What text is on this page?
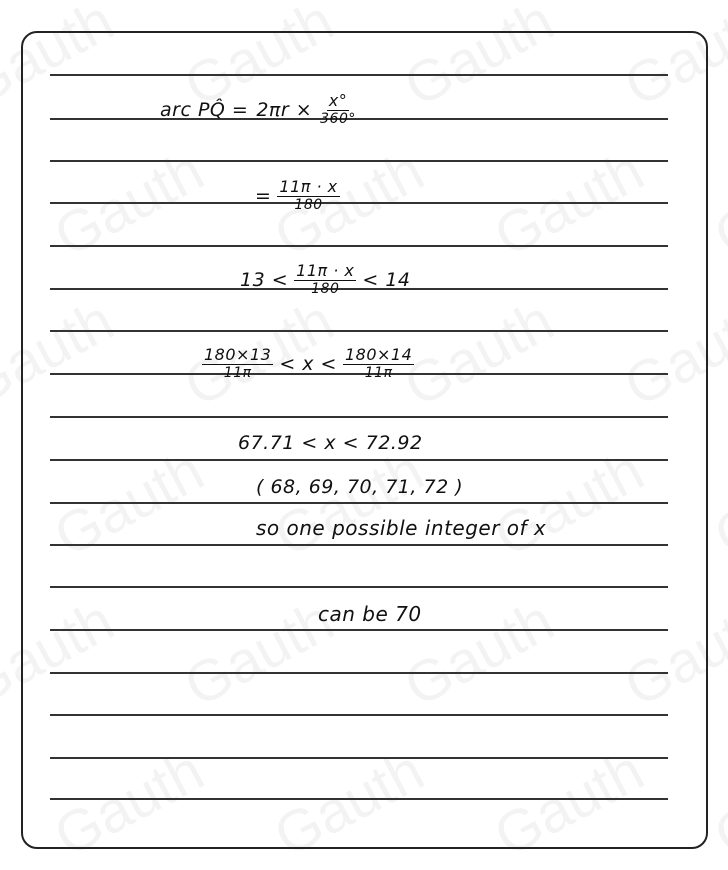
arc PQ̂ = $2\pi r \times \frac{x^\circ}{360^\circ}$
= $\frac{11\pi \cdot x}{180}$
$13 < \frac{11\pi \cdot x}{180} < 14$
$\frac{180\times 13}{11\pi} < x < \frac{180\times 14}{11\pi}$
67.71 < x < 72.92
( 68, 69, 70, 71, 72 )
so one possible integer of x
can be 70
